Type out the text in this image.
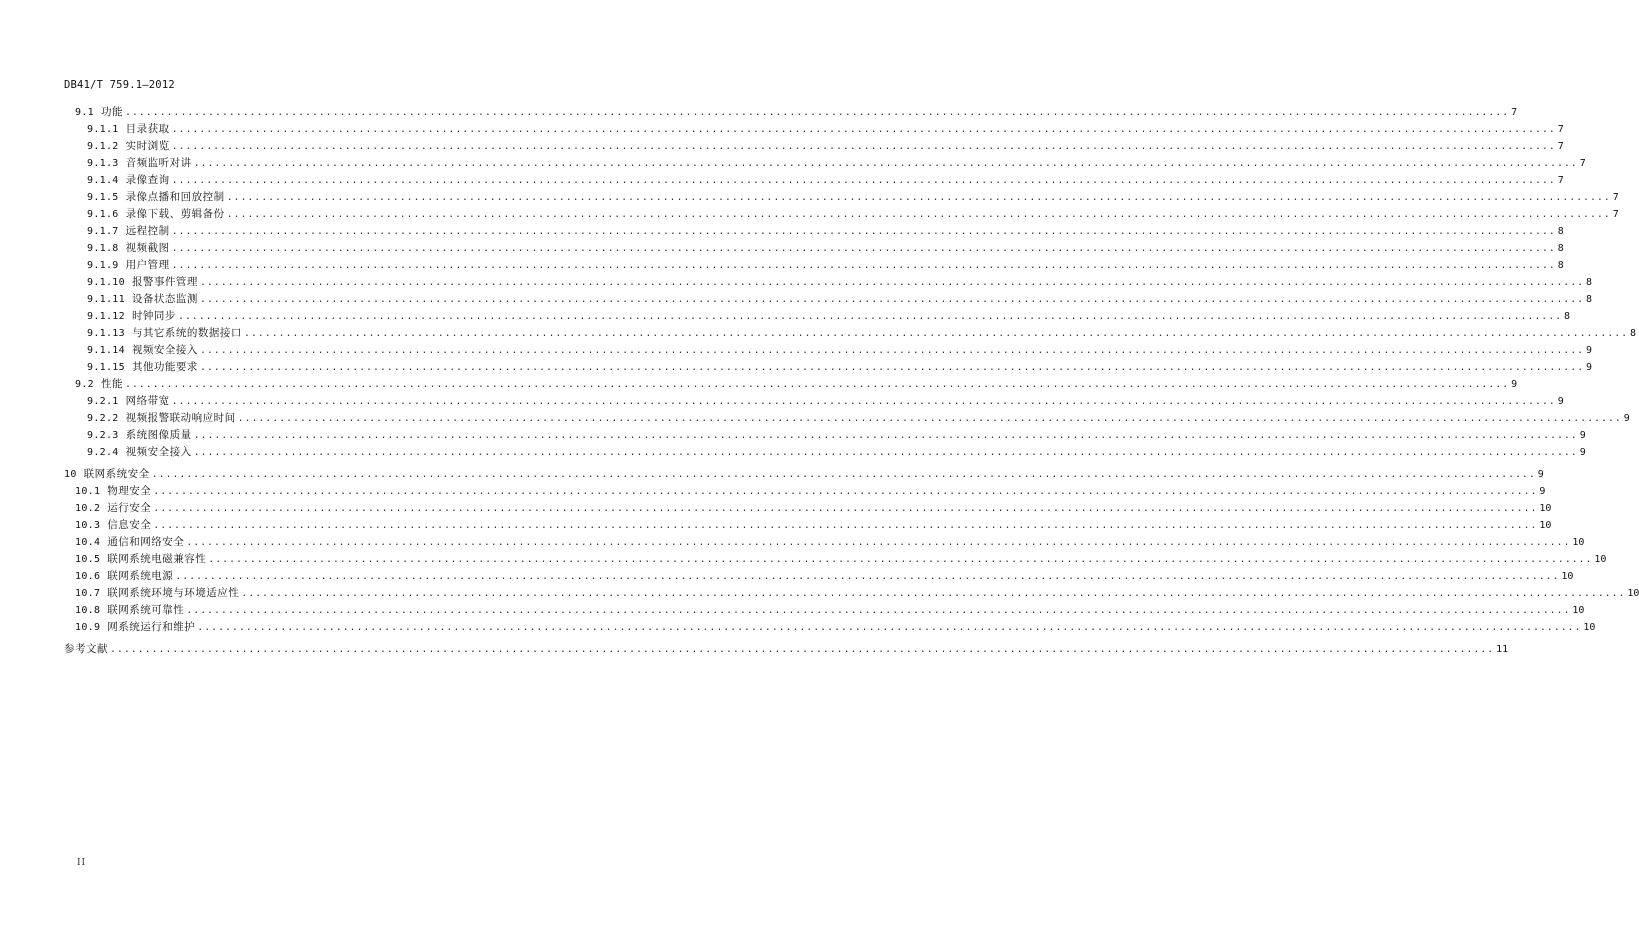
DB41/T 759.1—2012
9.1 功能 ........................................................................................................................................................................................................ 7
9.1.1 目录获取 ........................................................................................................................................................................................................ 7
9.1.2 实时浏览 ........................................................................................................................................................................................................ 7
9.1.3 音频监听对讲 ........................................................................................................................................................................................................ 7
9.1.4 录像查询 ........................................................................................................................................................................................................ 7
9.1.5 录像点播和回放控制 ........................................................................................................................................................................................................ 7
9.1.6 录像下载、剪辑备份 ........................................................................................................................................................................................................ 7
9.1.7 远程控制 ........................................................................................................................................................................................................ 8
9.1.8 视频截图 ........................................................................................................................................................................................................ 8
9.1.9 用户管理 ........................................................................................................................................................................................................ 8
9.1.10 报警事件管理 ........................................................................................................................................................................................................ 8
9.1.11 设备状态监测 ........................................................................................................................................................................................................ 8
9.1.12 时钟同步 ........................................................................................................................................................................................................ 8
9.1.13 与其它系统的数据接口 ........................................................................................................................................................................................................ 8
9.1.14 视频安全接入 ........................................................................................................................................................................................................ 9
9.1.15 其他功能要求 ........................................................................................................................................................................................................ 9
9.2 性能 ........................................................................................................................................................................................................ 9
9.2.1 网络带宽 ........................................................................................................................................................................................................ 9
9.2.2 视频报警联动响应时间 ........................................................................................................................................................................................................ 9
9.2.3 系统图像质量 ........................................................................................................................................................................................................ 9
9.2.4 视频安全接入 ........................................................................................................................................................................................................ 9
10 联网系统安全 ........................................................................................................................................................................................................ 9
10.1 物理安全 ........................................................................................................................................................................................................ 9
10.2 运行安全 ........................................................................................................................................................................................................ 10
10.3 信息安全 ........................................................................................................................................................................................................ 10
10.4 通信和网络安全 ........................................................................................................................................................................................................ 10
10.5 联网系统电磁兼容性 ........................................................................................................................................................................................................ 10
10.6 联网系统电源 ........................................................................................................................................................................................................ 10
10.7 联网系统环境与环境适应性 ........................................................................................................................................................................................................ 10
10.8 联网系统可靠性 ........................................................................................................................................................................................................ 10
10.9 网系统运行和维护 ........................................................................................................................................................................................................ 10
参考文献 ........................................................................................................................................................................................................ 11
II
